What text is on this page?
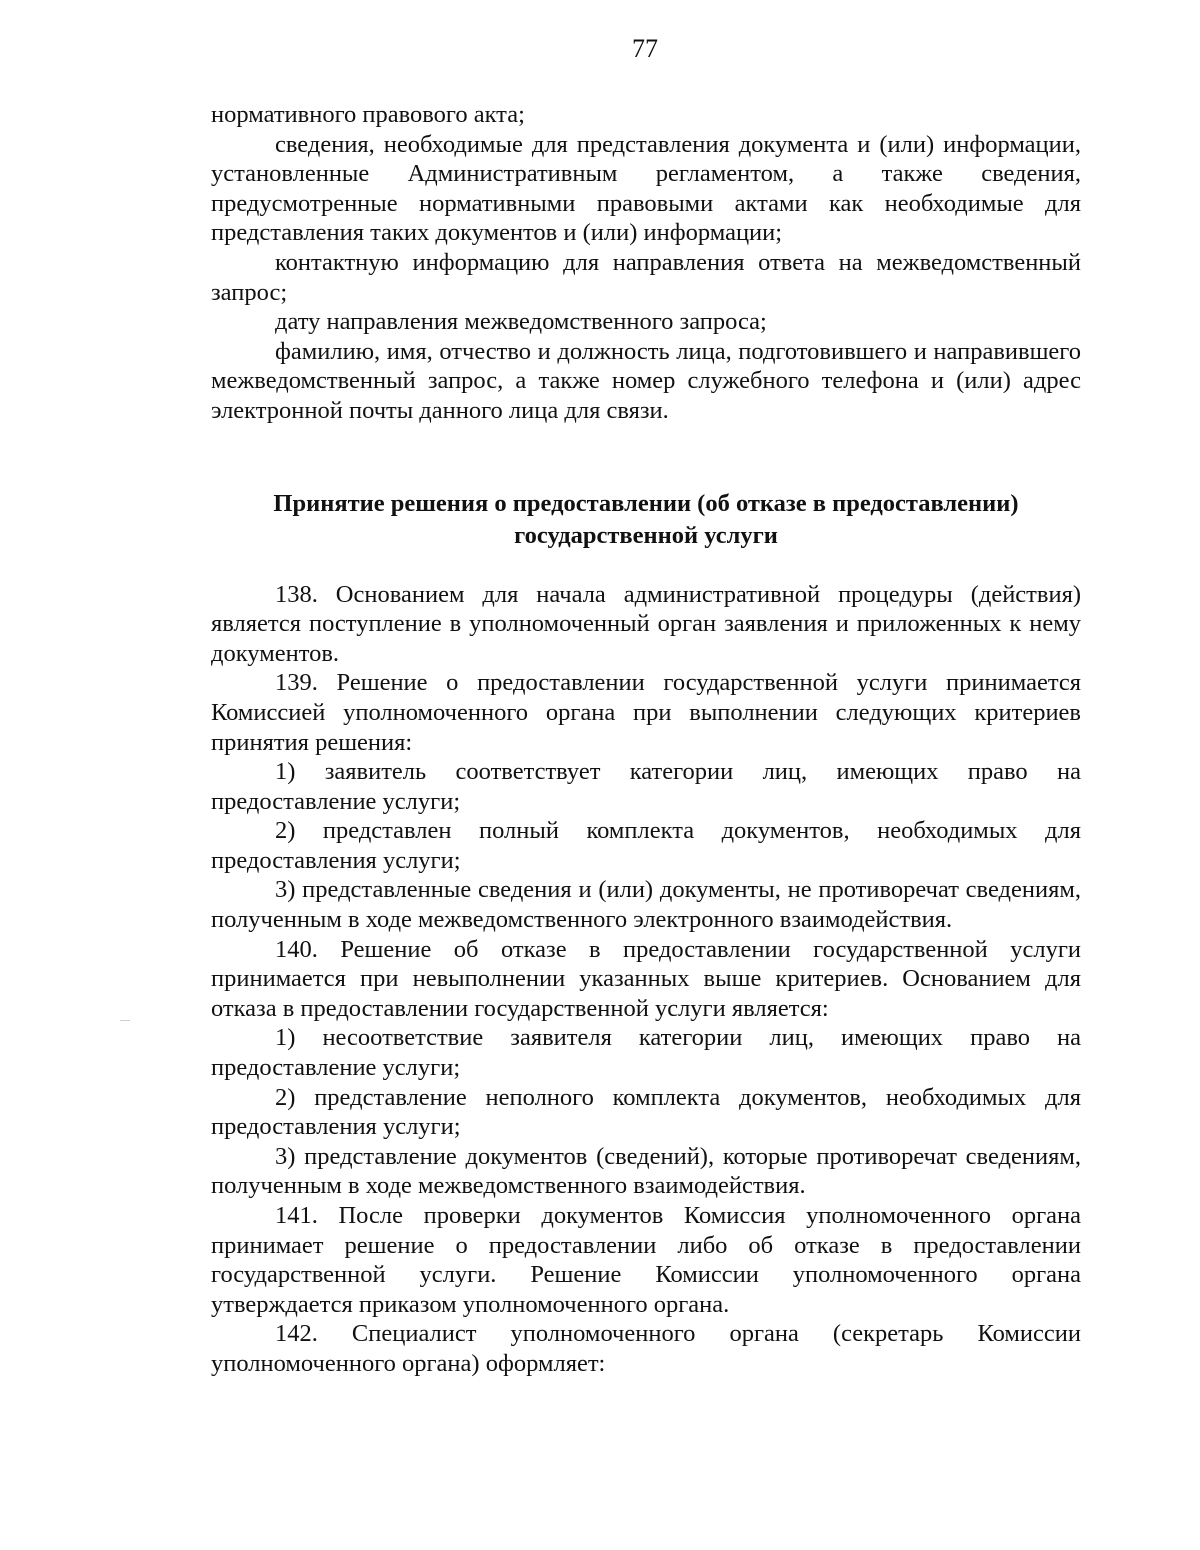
77

нормативного правового акта;

сведения, необходимые для представления документа и (или) информации, установленные Административным регламентом, а также сведения, предусмотренные нормативными правовыми актами как необходимые для представления таких документов и (или) информации;

контактную информацию для направления ответа на межведомственный запрос;

дату направления межведомственного запроса;

фамилию, имя, отчество и должность лица, подготовившего и направившего межведомственный запрос, а также номер служебного телефона и (или) адрес электронной почты данного лица для связи.

Принятие решения о предоставлении (об отказе в предоставлении)

государственной услуги

138. Основанием для начала административной процедуры (действия) является поступление в уполномоченный орган заявления и приложенных к нему документов.

139. Решение о предоставлении государственной услуги принимается Комиссией уполномоченного органа при выполнении следующих критериев принятия решения:

1) заявитель соответствует категории лиц, имеющих право на предоставление услуги;

2) представлен полный комплекта документов, необходимых для предоставления услуги;

3) представленные сведения и (или) документы, не противоречат сведениям, полученным в ходе межведомственного электронного взаимодействия.

140. Решение об отказе в предоставлении государственной услуги принимается при невыполнении указанных выше критериев. Основанием для отказа в предоставлении государственной услуги является:

1) несоответствие заявителя категории лиц, имеющих право на предоставление услуги;

2) представление неполного комплекта документов, необходимых для предоставления услуги;

3) представление документов (сведений), которые противоречат сведениям, полученным в ходе межведомственного взаимодействия.

141. После проверки документов Комиссия уполномоченного органа принимает решение о предоставлении либо об отказе в предоставлении государственной услуги. Решение Комиссии уполномоченного органа утверждается приказом уполномоченного органа.

142. Специалист уполномоченного органа (секретарь Комиссии уполномоченного органа) оформляет:
